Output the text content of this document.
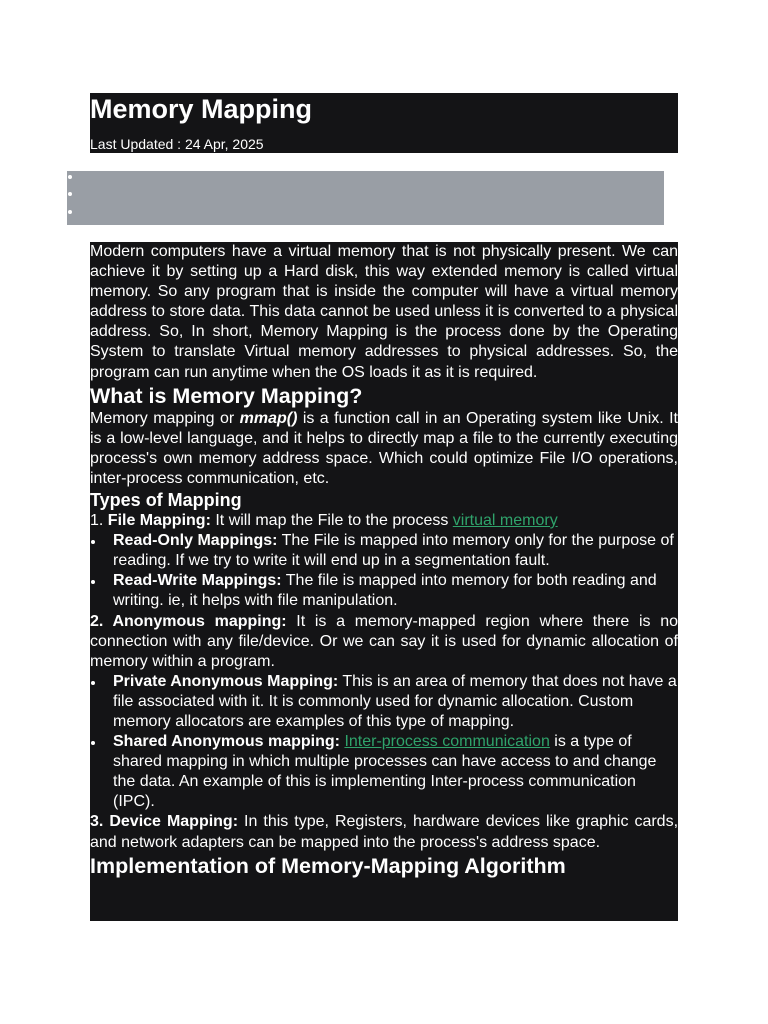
Memory Mapping
Last Updated : 24 Apr, 2025

Modern computers have a virtual memory that is not physically present. We can achieve it by setting up a Hard disk, this way extended memory is called virtual memory. So any program that is inside the computer will have a virtual memory address to store data. This data cannot be used unless it is converted to a physical address. So, In short, Memory Mapping is the process done by the Operating System to translate Virtual memory addresses to physical addresses. So, the program can run anytime when the OS loads it as it is required.

What is Memory Mapping?

Memory mapping or mmap() is a function call in an Operating system like Unix. It is a low-level language, and it helps to directly map a file to the currently executing process's own memory address space. Which could optimize File I/O operations, inter-process communication, etc.

Types of Mapping

1. File Mapping: It will map the File to the process virtual memory

Read-Only Mappings: The File is mapped into memory only for the purpose of reading. If we try to write it will end up in a segmentation fault.
Read-Write Mappings: The file is mapped into memory for both reading and writing. ie, it helps with file manipulation.

2. Anonymous mapping: It is a memory-mapped region where there is no connection with any file/device. Or we can say it is used for dynamic allocation of memory within a program.

Private Anonymous Mapping: This is an area of memory that does not have a file associated with it. It is commonly used for dynamic allocation. Custom memory allocators are examples of this type of mapping.
Shared Anonymous mapping: Inter-process communication is a type of shared mapping in which multiple processes can have access to and change the data. An example of this is implementing Inter-process communication (IPC).

3. Device Mapping: In this type, Registers, hardware devices like graphic cards, and network adapters can be mapped into the process's address space.

Implementation of Memory-Mapping Algorithm
